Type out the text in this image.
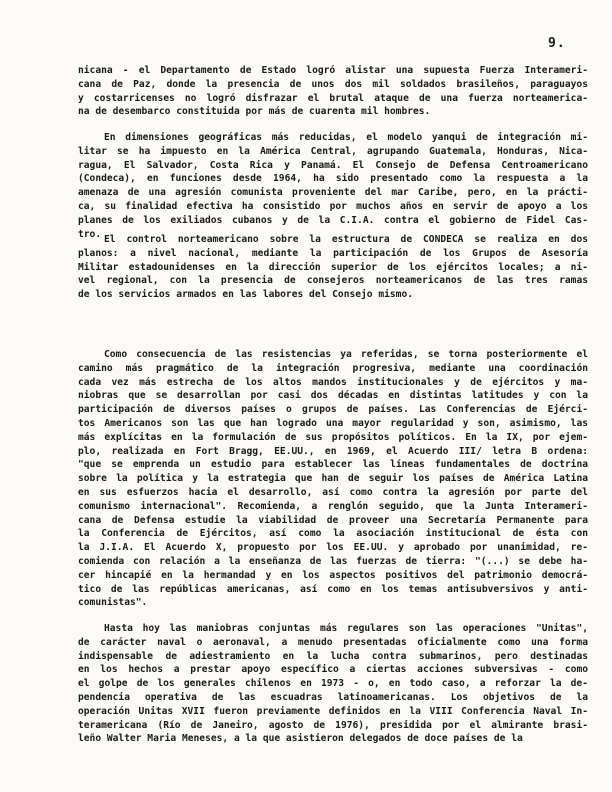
9.
nicana - el Departamento de Estado logró alistar una supuesta Fuerza Interameri-
cana de Paz, donde la presencia de unos dos mil soldados brasileños, paraguayos
y costarricenses no logró disfrazar el brutal ataque de una fuerza norteamerica-
na de desembarco constituida por más de cuarenta mil hombres.
En dimensiones geográficas más reducidas, el modelo yanqui de integración mi-
litar se ha impuesto en la América Central, agrupando Guatemala, Honduras, Nica-
ragua, El Salvador, Costa Rica y Panamá. El Consejo de Defensa Centroamericano
(Condeca), en funciones desde 1964, ha sido presentado como la respuesta a la
amenaza de una agresión comunista proveniente del mar Caribe, pero, en la prácti-
ca, su finalidad efectiva ha consistido por muchos años en servir de apoyo a los
planes de los exiliados cubanos y de la C.I.A. contra el gobierno de Fidel Cas-
tro. El control norteamericano sobre la estructura de CONDECA se realiza en dos
planos: a nivel nacional, mediante la participación de los Grupos de Asesoría
Militar estadounidenses en la dirección superior de los ejércitos locales; a ni-
vel regional, con la presencia de consejeros norteamericanos de las tres ramas
de los servicios armados en las labores del Consejo mismo.
Como consecuencia de las resistencias ya referidas, se torna posteriormente el
camino más pragmático de la integración progresiva, mediante una coordinación
cada vez más estrecha de los altos mandos institucionales y de ejércitos y ma-
niobras que se desarrollan por casi dos décadas en distintas latitudes y con la
participación de diversos países o grupos de países. Las Conferencias de Ejérci-
tos Americanos son las que han logrado una mayor regularidad y son, asimismo, las
más explícitas en la formulación de sus propósitos políticos. En la IX, por ejem-
plo, realizada en Fort Bragg, EE.UU., en 1969, el Acuerdo III/ letra B ordena:
"que se emprenda un estudio para establecer las líneas fundamentales de doctrina
sobre la política y la estrategia que han de seguir los países de América Latina
en sus esfuerzos hacia el desarrollo, así como contra la agresión por parte del
comunismo internacional". Recomienda, a renglón seguido, que la Junta Interameri-
cana de Defensa estudie la viabilidad de proveer una Secretaría Permanente para
la Conferencia de Ejércitos, así como la asociación institucional de ésta con
la J.I.A. El Acuerdo X, propuesto por los EE.UU. y aprobado por unanimidad, re-
comienda con relación a la enseñanza de las fuerzas de tierra: "(...) se debe ha-
cer hincapié en la hermandad y en los aspectos positivos del patrimonio democrá-
tico de las repúblicas americanas, así como en los temas antisubversivos y anti-
comunistas".
Hasta hoy las maniobras conjuntas más regulares son las operaciones "Unitas",
de carácter naval o aeronaval, a menudo presentadas oficialmente como una forma
indispensable de adiestramiento en la lucha contra submarinos, pero destinadas
en los hechos a prestar apoyo específico a ciertas acciones subversivas - como
el golpe de los generales chilenos en 1973 - o, en todo caso, a reforzar la de-
pendencia operativa de las escuadras latinoamericanas. Los objetivos de la
operación Unitas XVII fueron previamente definidos en la VIII Conferencia Naval In-
teramericana (Río de Janeiro, agosto de 1976), presidida por el almirante brasi-
leño Walter Maria Meneses, a la que asistieron delegados de doce países de la
